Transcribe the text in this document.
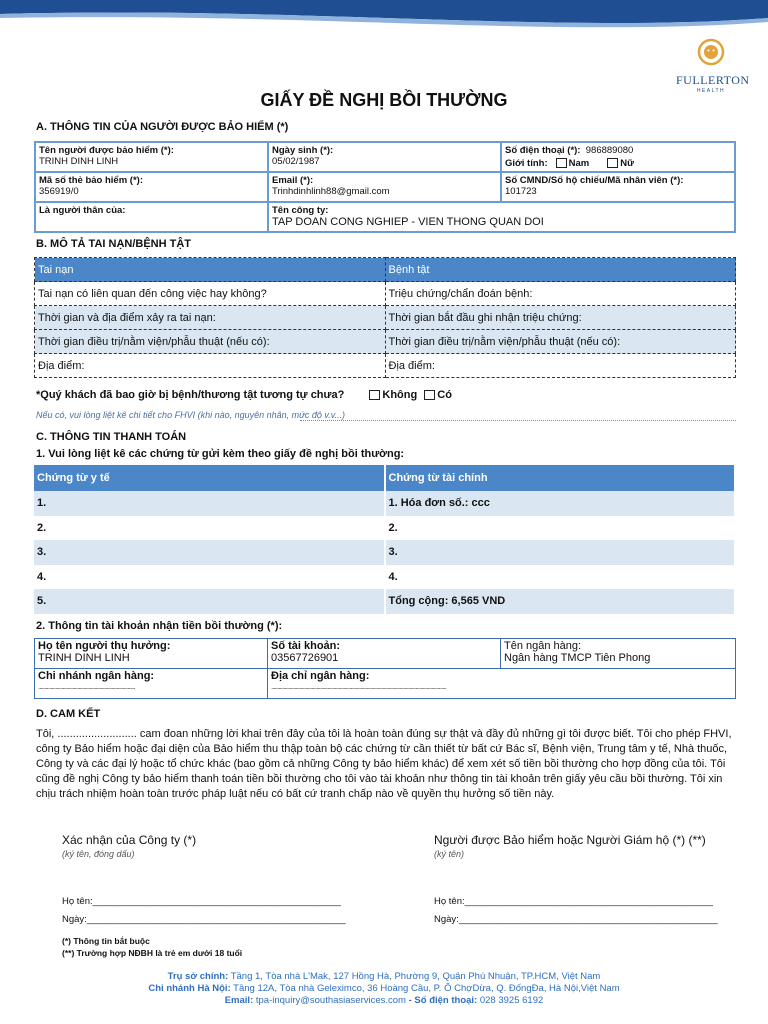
FULLERTON
HEALTH
GIẤY ĐỀ NGHỊ BỒI THƯỜNG
A. THÔNG TIN CỦA NGƯỜI ĐƯỢC BẢO HIỂM (*)
Tên người được bảo hiểm (*):
TRINH DINH LINH	Ngày sinh (*):
05/02/1987	Số điện thoại (*): 986889080
Giới tính: Nam Nữ

Mã số thẻ bảo hiểm (*):
356919/0	Email (*):
Trinhdinhlinh88@gmail.com	Số CMND/Số hộ chiếu/Mã nhân viên (*):
101723

Là người thân của:	Tên công ty:
TAP DOAN CONG NGHIEP - VIEN THONG QUAN DOI	
B. MÔ TẢ TAI NẠN/BỆNH TẬT
Tai nạn	Bệnh tật
Tai nạn có liên quan đến công việc hay không?	Triệu chứng/chẩn đoán bệnh:
Thời gian và địa điểm xảy ra tai nạn:	Thời gian bắt đầu ghi nhận triệu chứng:
Thời gian điều trị/nằm viện/phẫu thuật (nếu có):	Thời gian điều trị/nằm viện/phẫu thuật (nếu có):
Địa điểm:	Địa điểm:
*Quý khách đã bao giờ bị bệnh/thương tật tương tự chưa?	Không Có
Nếu có, vui lòng liệt kê chi tiết cho FHVI (khi nào, nguyên nhân, mức độ v.v...)
C. THÔNG TIN THANH TOÁN
1. Vui lòng liệt kê các chứng từ gửi kèm theo giấy đề nghị bồi thường:
Chứng từ y tế	Chứng từ tài chính
1.	1. Hóa đơn số.: ccc
2.	2.
3.	3.
4.	4.
5.	Tổng cộng: 6,565 VND
2. Thông tin tài khoản nhận tiền bồi thường (*):
Họ tên người thụ hưởng:
TRINH DINH LINH	Số tài khoản:
03567726901	Tên ngân hàng:
Ngân hàng TMCP Tiên Phong

Chi nhánh ngân hàng:
...............................................................................	Địa chỉ ngân hàng:
...............................................................................................................................................	
D. CAM KẾT
Tôi, .......................... cam đoan những lời khai trên đây của tôi là hoàn toàn đúng sự thật và đầy đủ những gì tôi được biết. Tôi cho phép FHVI, công ty Bảo hiểm hoặc đại diện của Bảo hiểm thu thập toàn bộ các chứng từ cần thiết từ bất cứ Bác sĩ, Bệnh viện, Trung tâm y tế, Nhà thuốc, Công ty và các đại lý hoặc tổ chức khác (bao gồm cả những Công ty bảo hiểm khác) để xem xét số tiền bồi thường cho hợp đồng của tôi. Tôi cũng đề nghị Công ty bảo hiểm thanh toán tiền bồi thường cho tôi vào tài khoản như thông tin tài khoản trên giấy yêu cầu bồi thường. Tôi xin chịu trách nhiệm hoàn toàn trước pháp luật nếu có bất cứ tranh chấp nào về quyền thụ hưởng số tiền này.
Xác nhận của Công ty (*)
(ký tên, đóng dấu)
Người được Bảo hiểm hoặc Người Giám hộ (*) (**)
(ký tên)
Họ tên:_______________________________________________
Ngày:_________________________________________________
Họ tên:_______________________________________________
Ngày:_________________________________________________
(*) Thông tin bắt buộc
(**) Trường hợp NĐBH là trẻ em dưới 18 tuổi
Trụ sở chính: Tầng 1, Tòa nhà L'Mak, 127 Hồng Hà, Phường 9, Quận Phú Nhuận, TP.HCM, Việt Nam
Chi nhánh Hà Nội: Tầng 12A, Tòa nhà Geleximco, 36 Hoàng Cầu, P. Ô ChợDừa, Q. ĐốngĐa, Hà Nội,Việt Nam
Email: tpa-inquiry@southasiaservices.com - Số điện thoại: 028 3925 6192
